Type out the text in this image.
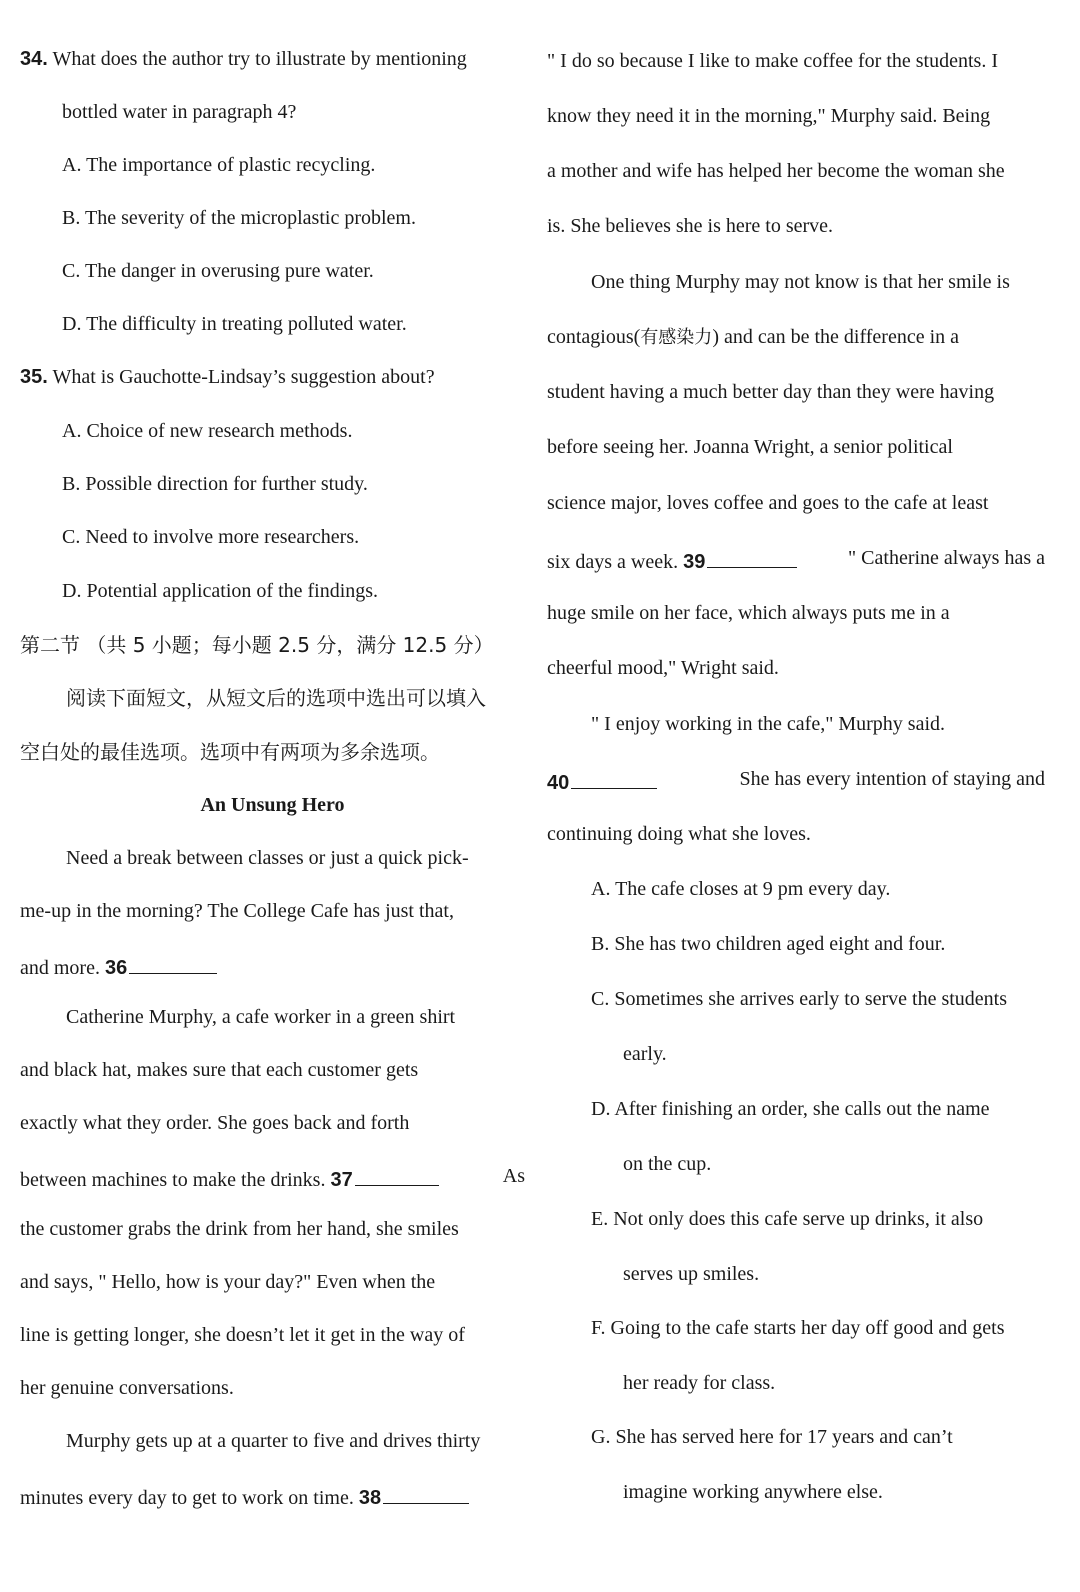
34. What does the author try to illustrate by mentioning
bottled water in paragraph 4?
A. The importance of plastic recycling.
B. The severity of the microplastic problem.
C. The danger in overusing pure water.
D. The difficulty in treating polluted water.
35. What is Gauchotte-Lindsay’s suggestion about?
A. Choice of new research methods.
B. Possible direction for further study.
C. Need to involve more researchers.
D. Potential application of the findings.
第二节 （共 5 小题；每小题 2.5 分，满分 12.5 分）
阅读下面短文，从短文后的选项中选出可以填入
空白处的最佳选项。选项中有两项为多余选项。
An Unsung Hero
Need a break between classes or just a quick pick-
me-up in the morning? The College Cafe has just that,
and more. 36
Catherine Murphy, a cafe worker in a green shirt
and black hat, makes sure that each customer gets
exactly what they order. She goes back and forth
between machines to make the drinks. 37	As
the customer grabs the drink from her hand, she smiles
and says, " Hello, how is your day?" Even when the
line is getting longer, she doesn’t let it get in the way of
her genuine conversations.
Murphy gets up at a quarter to five and drives thirty
minutes every day to get to work on time. 38
" I do so because I like to make coffee for the students. I
know they need it in the morning," Murphy said. Being
a mother and wife has helped her become the woman she
is. She believes she is here to serve.
One thing Murphy may not know is that her smile is
contagious(有感染力) and can be the difference in a
student having a much better day than they were having
before seeing her. Joanna Wright, a senior political
science major, loves coffee and goes to the cafe at least
six days a week. 39	" Catherine always has a
huge smile on her face, which always puts me in a
cheerful mood," Wright said.
" I enjoy working in the cafe," Murphy said.
40	She has every intention of staying and
continuing doing what she loves.
A. The cafe closes at 9 pm every day.
B. She has two children aged eight and four.
C. Sometimes she arrives early to serve the students
early.
D. After finishing an order, she calls out the name
on the cup.
E. Not only does this cafe serve up drinks, it also
serves up smiles.
F. Going to the cafe starts her day off good and gets
her ready for class.
G. She has served here for 17 years and can’t
imagine working anywhere else.
